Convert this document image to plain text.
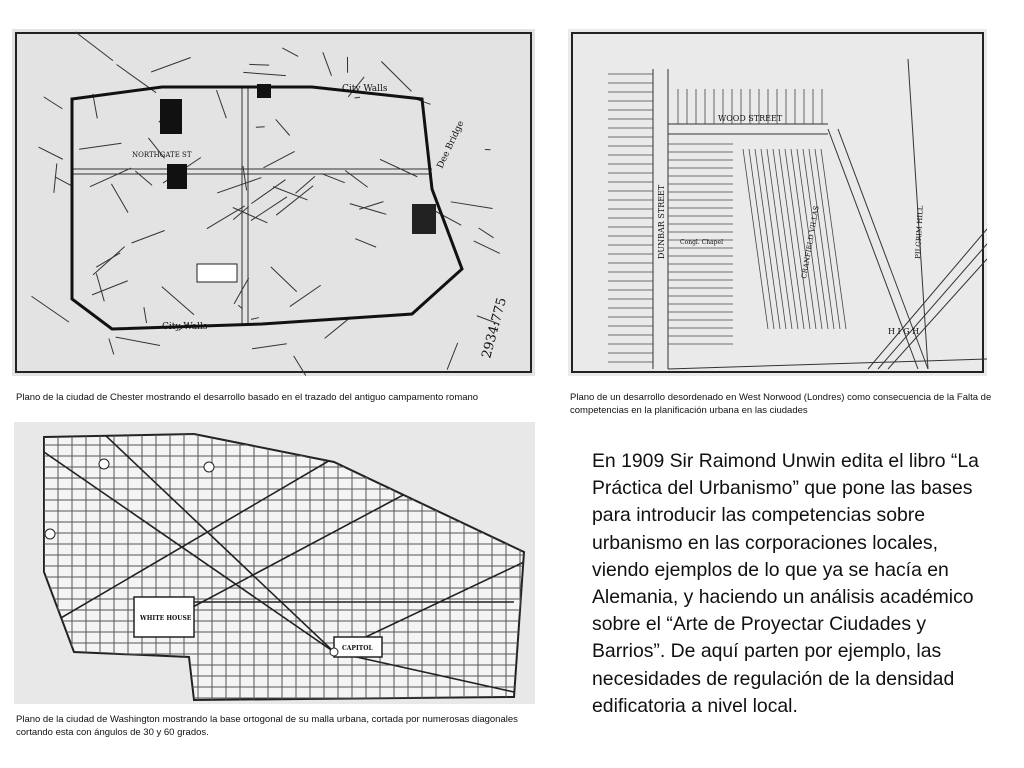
City Walls
City Walls
NORTHGATE ST	Dee Bridge
2934:775
WOOD STREET
DUNBAR STREET Congl. Chapel	CRANFIELD VILLAS	PILGRIM HILL
H I G H
WHITE HOUSE
CAPITOL
Plano de la ciudad de Chester mostrando el desarrollo basado en el trazado del antiguo campamento romano	Plano de un desarrollo desordenado en West Norwood (Londres) como consecuencia de la Falta de competencias en la planificación urbana en las ciudades
Plano de la ciudad de Washington mostrando la base ortogonal de su malla urbana, cortada por numerosas diagonales cortando esta con ángulos de 30 y 60 grados.
En 1909 Sir Raimond Unwin edita el libro “La Práctica del Urbanismo” que pone las bases para introducir las competencias sobre urbanismo en las corporaciones locales, viendo ejemplos de lo que ya se hacía en Alemania, y haciendo un análisis académico sobre el “Arte de Proyectar Ciudades y Barrios”. De aquí parten por ejemplo, las necesidades de regulación de la densidad edificatoria a nivel local.
